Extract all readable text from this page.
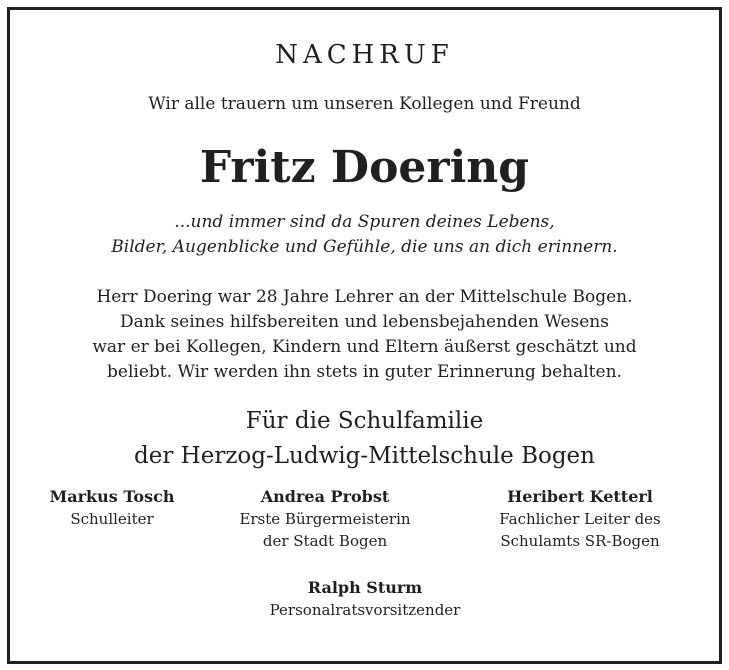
NACHRUF
Wir alle trauern um unseren Kollegen und Freund
Fritz Doering
...und immer sind da Spuren deines Lebens,
Bilder, Augenblicke und Gefühle, die uns an dich erinnern.
Herr Doering war 28 Jahre Lehrer an der Mittelschule Bogen.
Dank seines hilfsbereiten und lebensbejahenden Wesens
war er bei Kollegen, Kindern und Eltern äußerst geschätzt und
beliebt. Wir werden ihn stets in guter Erinnerung behalten.
Für die Schulfamilie
der Herzog-Ludwig-Mittelschule Bogen
Markus Tosch
Schulleiter
Andrea Probst
Erste Bürgermeisterin
der Stadt Bogen
Heribert Ketterl
Fachlicher Leiter des
Schulamts SR-Bogen
Ralph Sturm
Personalratsvorsitzender
